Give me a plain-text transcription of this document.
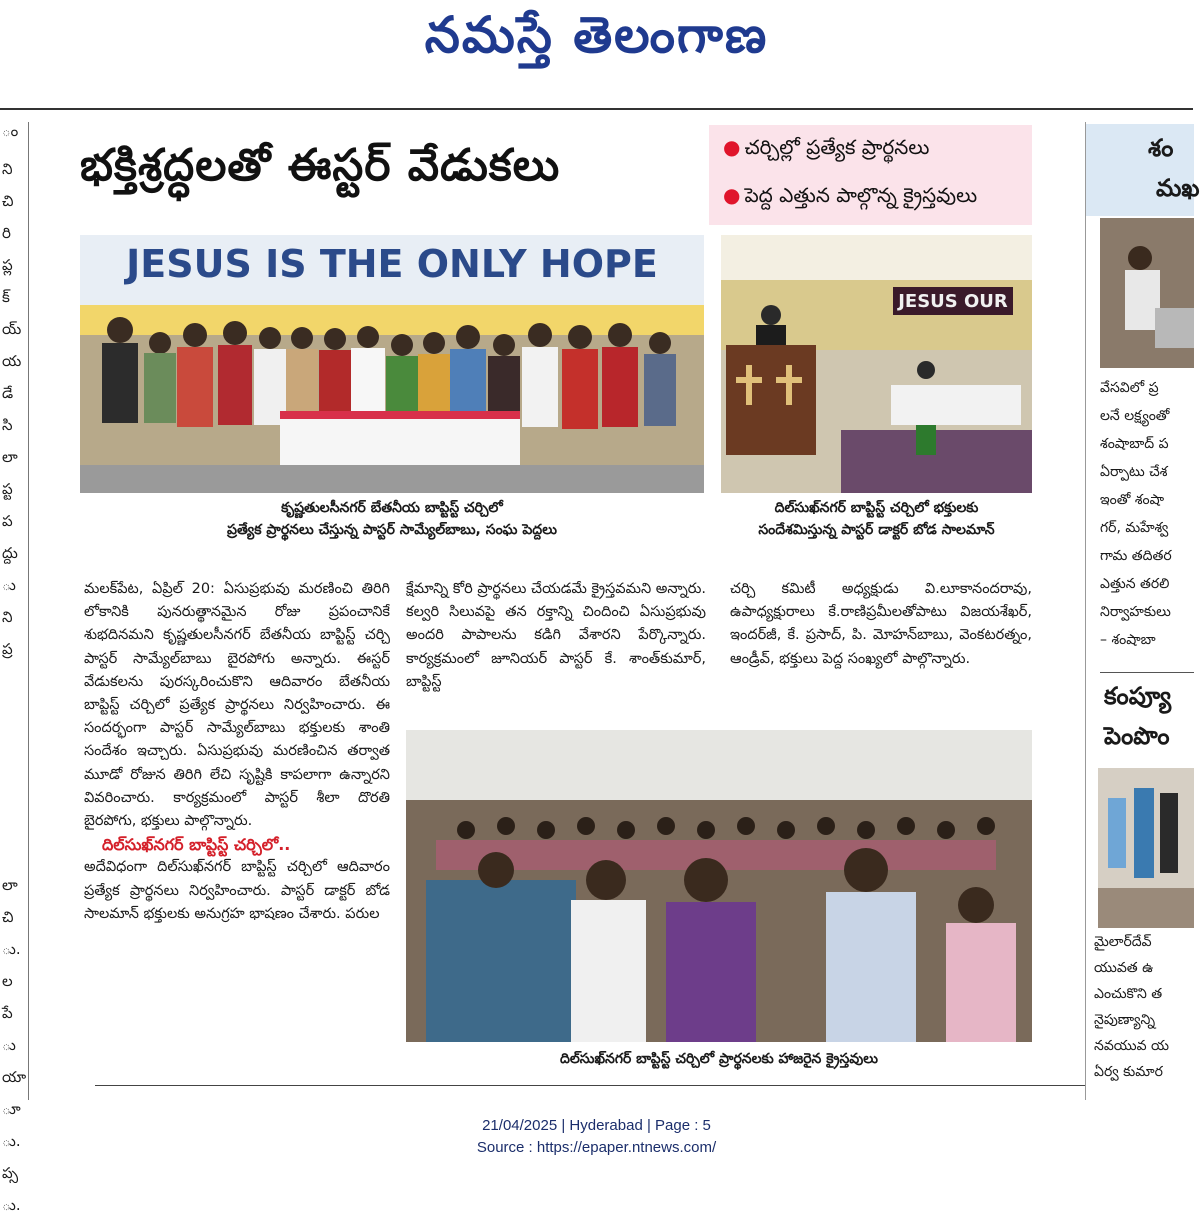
నమస్తే తెలంగాణ
ం
ని
చి
రి
ప్ల
క్
య్
య
డే
సి
లా
ప్ట
ప
ద్దు
ు
ని
ప్ర
లా
చి
ు.
ల
పే
ు
యా
ూ
ు.
ప్స
ు.
భక్తిశ్రద్ధలతో ఈస్టర్ వేడుకలు	● చర్చిల్లో ప్రత్యేక ప్రార్థనలు
● పెద్ద ఎత్తున పాల్గొన్న క్రైస్తవులు
JESUS IS THE ONLY HOPE
కృష్ణతులసీనగర్ బేతనీయ బాప్టిస్ట్ చర్చిలో
ప్రత్యేక ప్రార్థనలు చేస్తున్న పాస్టర్ సామ్యేల్‌బాబు, సంఘ పెద్దలు
JESUS OUR
దిల్‌సుఖ్‌నగర్ బాప్టిస్ట్ చర్చిలో భక్తులకు
సందేశమిస్తున్న పాస్టర్ డాక్టర్ బోడ సాలమాన్

మలక్‌పేట, ఏప్రిల్ 20: ఏసుప్రభువు మరణించి తిరిగి లోకానికి పునరుత్థానమైన రోజు ప్రపంచానికే శుభదినమని కృష్ణతులసీనగర్ బేతనీయ బాప్టిస్ట్ చర్చి పాస్టర్ సామ్యేల్‌బాబు బైరపోగు అన్నారు. ఈస్టర్ వేడుకలను పురస్కరించుకొని ఆదివారం బేతనీయ బాప్టిస్ట్ చర్చిలో ప్రత్యేక ప్రార్థనలు నిర్వహించారు. ఈ సందర్భంగా పాస్టర్ సామ్యేల్‌బాబు భక్తులకు శాంతి సందేశం ఇచ్చారు. ఏసుప్రభువు మరణించిన తర్వాత మూడో రోజున తిరిగి లేచి సృష్టికి కాపలాగా ఉన్నారని వివరించారు. కార్యక్రమంలో పాస్టర్ శీలా దొరతి బైరపోగు, భక్తులు పాల్గొన్నారు.

దిల్‌సుఖ్‌నగర్ బాప్టిస్ట్ చర్చిలో..

అదేవిధంగా దిల్‌సుఖ్‌నగర్ బాప్టిస్ట్ చర్చిలో ఆదివారం ప్రత్యేక ప్రార్థనలు నిర్వహించారు. పాస్టర్ డాక్టర్ బోడ సాలమాన్ భక్తులకు అనుగ్రహ భాషణం చేశారు. పరుల

క్షేమాన్ని కోరి ప్రార్థనలు చేయడమే క్రైస్తవమని అన్నారు. కల్వరి సిలువపై తన రక్తాన్ని చిందించి ఏసుప్రభువు అందరి పాపాలను కడిగి వేశారని పేర్కొన్నారు. కార్యక్రమంలో జూనియర్ పాస్టర్ కే. శాంత్‌కుమార్, బాప్టిస్ట్

చర్చి కమిటీ అధ్యక్షుడు వి.లూకానందరావు, ఉపాధ్యక్షురాలు కే.రాణిప్రమీలతోపాటు విజయశేఖర్, ఇందర్‌జీ, కే. ప్రసాద్, పి. మోహన్‌బాబు, వెంకటరత్నం, ఆండ్రీవ్, భక్తులు పెద్ద సంఖ్యలో పాల్గొన్నారు.

దిల్‌సుఖ్‌నగర్ బాప్టిస్ట్ చర్చిలో ప్రార్థనలకు హాజరైన క్రైస్తవులు
శం
మఖ
వేసవిలో ప్ర
లనే లక్ష్యంతో
శంషాబాద్ ప
ఏర్పాటు చేశ
ఇంతో శంషా
గర్, మహేశ్వ
గామ తదితర
ఎత్తున తరలి
నిర్వాహకులు
– శంషాబా
కంప్యూ
పెంపొం
మైలార్‌దేవ్
యువత ఉ
ఎంచుకొని త
నైపుణ్యాన్ని
నవయువ య
ఏర్వ కుమార
21/04/2025 | Hyderabad | Page : 5
Source : https://epaper.ntnews.com/
